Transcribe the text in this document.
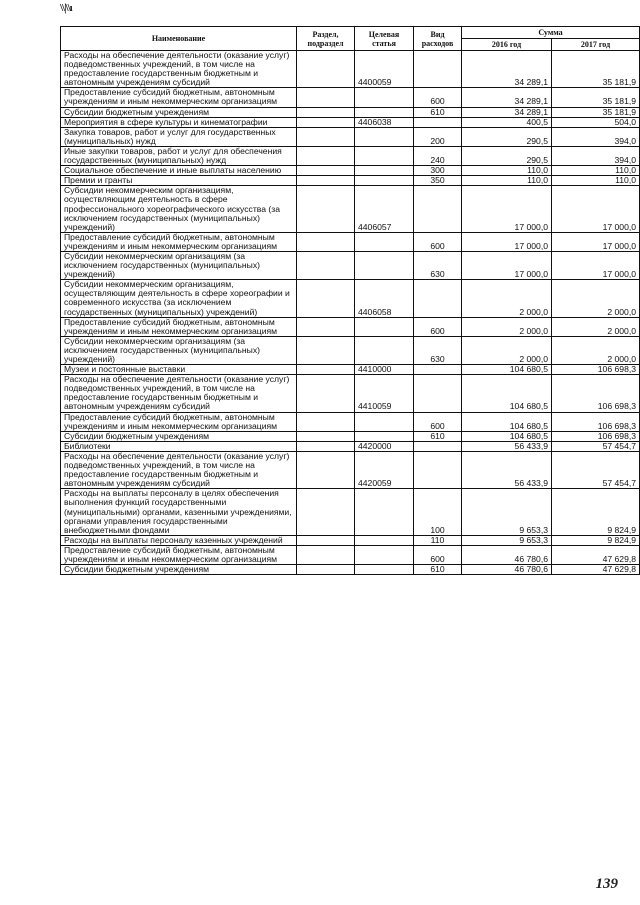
\\|\\ı
Наименование	Раздел, подраздел	Целевая статья	Вид расходов	Сумма	
				2016 год	2017 год
Расходы на обеспечение деятельности (оказание услуг) подведомственных учреждений, в том числе на предоставление государственным бюджетным и автономным учреждениям субсидий		4400059		34 289,1	35 181,9
Предоставление субсидий бюджетным, автономным учреждениям и иным некоммерческим организациям			600	34 289,1	35 181,9
Субсидии бюджетным учреждениям			610	34 289,1	35 181,9
Мероприятия в сфере культуры и кинематографии		4406038		400,5	504,0
Закупка товаров, работ и услуг для государственных (муниципальных) нужд			200	290,5	394,0
Иные закупки товаров, работ и услуг для обеспечения государственных (муниципальных) нужд			240	290,5	394,0
Социальное обеспечение и иные выплаты населению			300	110,0	110,0
Премии и гранты			350	110,0	110,0
Субсидии некоммерческим организациям, осуществляющим деятельность в сфере профессионального хореографического искусства (за исключением государственных (муниципальных) учреждений)		4406057		17 000,0	17 000,0
Предоставление субсидий бюджетным, автономным учреждениям и иным некоммерческим организациям			600	17 000,0	17 000,0
Субсидии некоммерческим организациям (за исключением государственных (муниципальных) учреждений)			630	17 000,0	17 000,0
Субсидии некоммерческим организациям, осуществляющим деятельность в сфере хореографии и современного искусства (за исключением государственных (муниципальных) учреждений)		4406058		2 000,0	2 000,0
Предоставление субсидий бюджетным, автономным учреждениям и иным некоммерческим организациям			600	2 000,0	2 000,0
Субсидии некоммерческим организациям (за исключением государственных (муниципальных) учреждений)			630	2 000,0	2 000,0
Музеи и постоянные выставки		4410000		104 680,5	106 698,3
Расходы на обеспечение деятельности (оказание услуг) подведомственных учреждений, в том числе на предоставление государственным бюджетным и автономным учреждениям субсидий		4410059		104 680,5	106 698,3
Предоставление субсидий бюджетным, автономным учреждениям и иным некоммерческим организациям			600	104 680,5	106 698,3
Субсидии бюджетным учреждениям			610	104 680,5	106 698,3
Библиотеки		4420000		56 433,9	57 454,7
Расходы на обеспечение деятельности (оказание услуг) подведомственных учреждений, в том числе на предоставление государственным бюджетным и автономным учреждениям субсидий		4420059		56 433,9	57 454,7
Расходы на выплаты персоналу в целях обеспечения выполнения функций государственными (муниципальными) органами, казенными учреждениями, органами управления государственными внебюджетными фондами			100	9 653,3	9 824,9
Расходы на выплаты персоналу казенных учреждений			110	9 653,3	9 824,9
Предоставление субсидий бюджетным, автономным учреждениям и иным некоммерческим организациям			600	46 780,6	47 629,8
Субсидии бюджетным учреждениям			610	46 780,6	47 629,8
139
